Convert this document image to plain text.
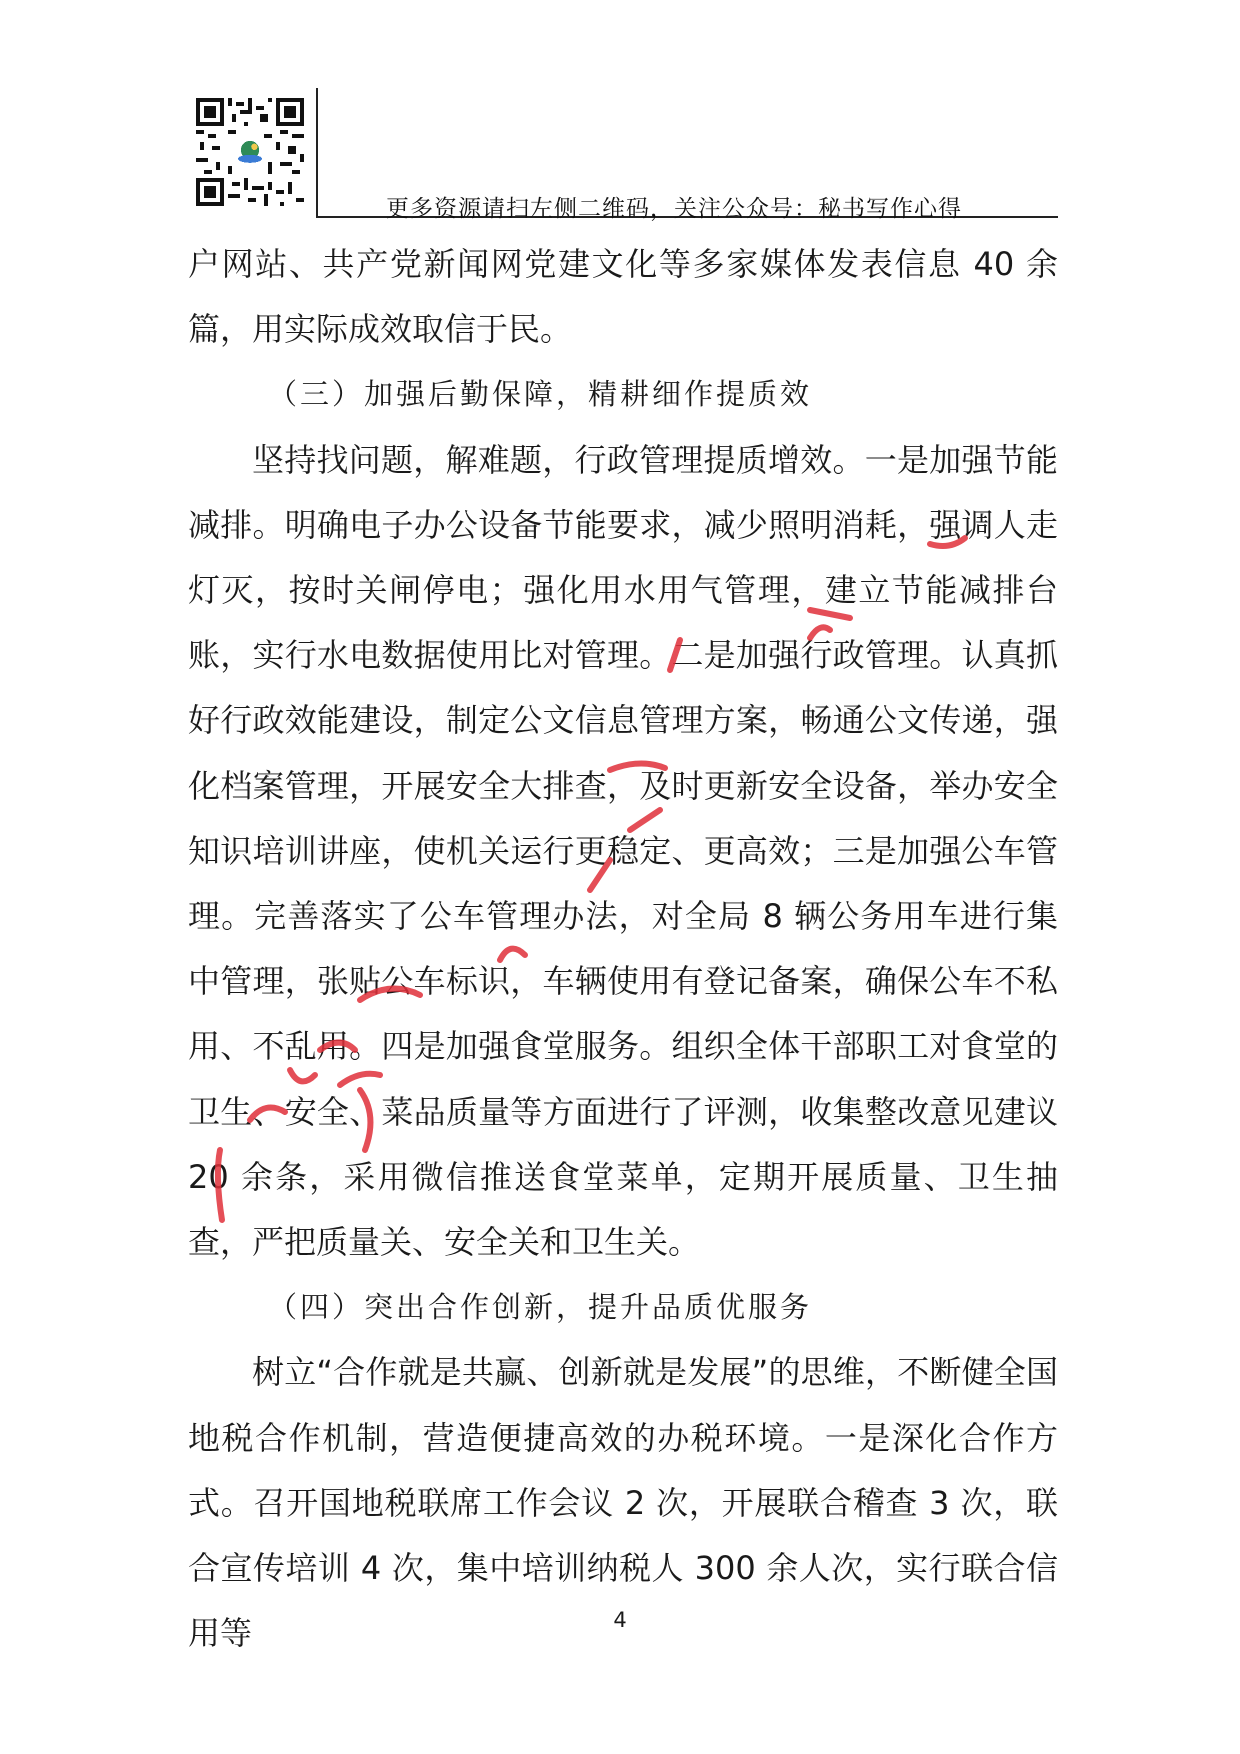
更多资源请扫左侧二维码，关注公众号：秘书写作心得

户网站、共产党新闻网党建文化等多家媒体发表信息 40 余篇，用实际成效取信于民。

（三）加强后勤保障，精耕细作提质效

坚持找问题，解难题，行政管理提质增效。一是加强节能减排。明确电子办公设备节能要求，减少照明消耗，强调人走灯灭，按时关闸停电；强化用水用气管理，建立节能减排台账，实行水电数据使用比对管理。二是加强行政管理。认真抓好行政效能建设，制定公文信息管理方案，畅通公文传递，强化档案管理，开展安全大排查，及时更新安全设备，举办安全知识培训讲座，使机关运行更稳定、更高效；三是加强公车管理。完善落实了公车管理办法，对全局 8 辆公务用车进行集中管理，张贴公车标识，车辆使用有登记备案，确保公车不私用、不乱用。四是加强食堂服务。组织全体干部职工对食堂的卫生、安全、菜品质量等方面进行了评测，收集整改意见建议 20 余条，采用微信推送食堂菜单，定期开展质量、卫生抽查，严把质量关、安全关和卫生关。

（四）突出合作创新，提升品质优服务

树立“合作就是共赢、创新就是发展”的思维，不断健全国地税合作机制，营造便捷高效的办税环境。一是深化合作方式。召开国地税联席工作会议 2 次，开展联合稽查 3 次，联合宣传培训 4 次，集中培训纳税人 300 余人次，实行联合信用等	4
